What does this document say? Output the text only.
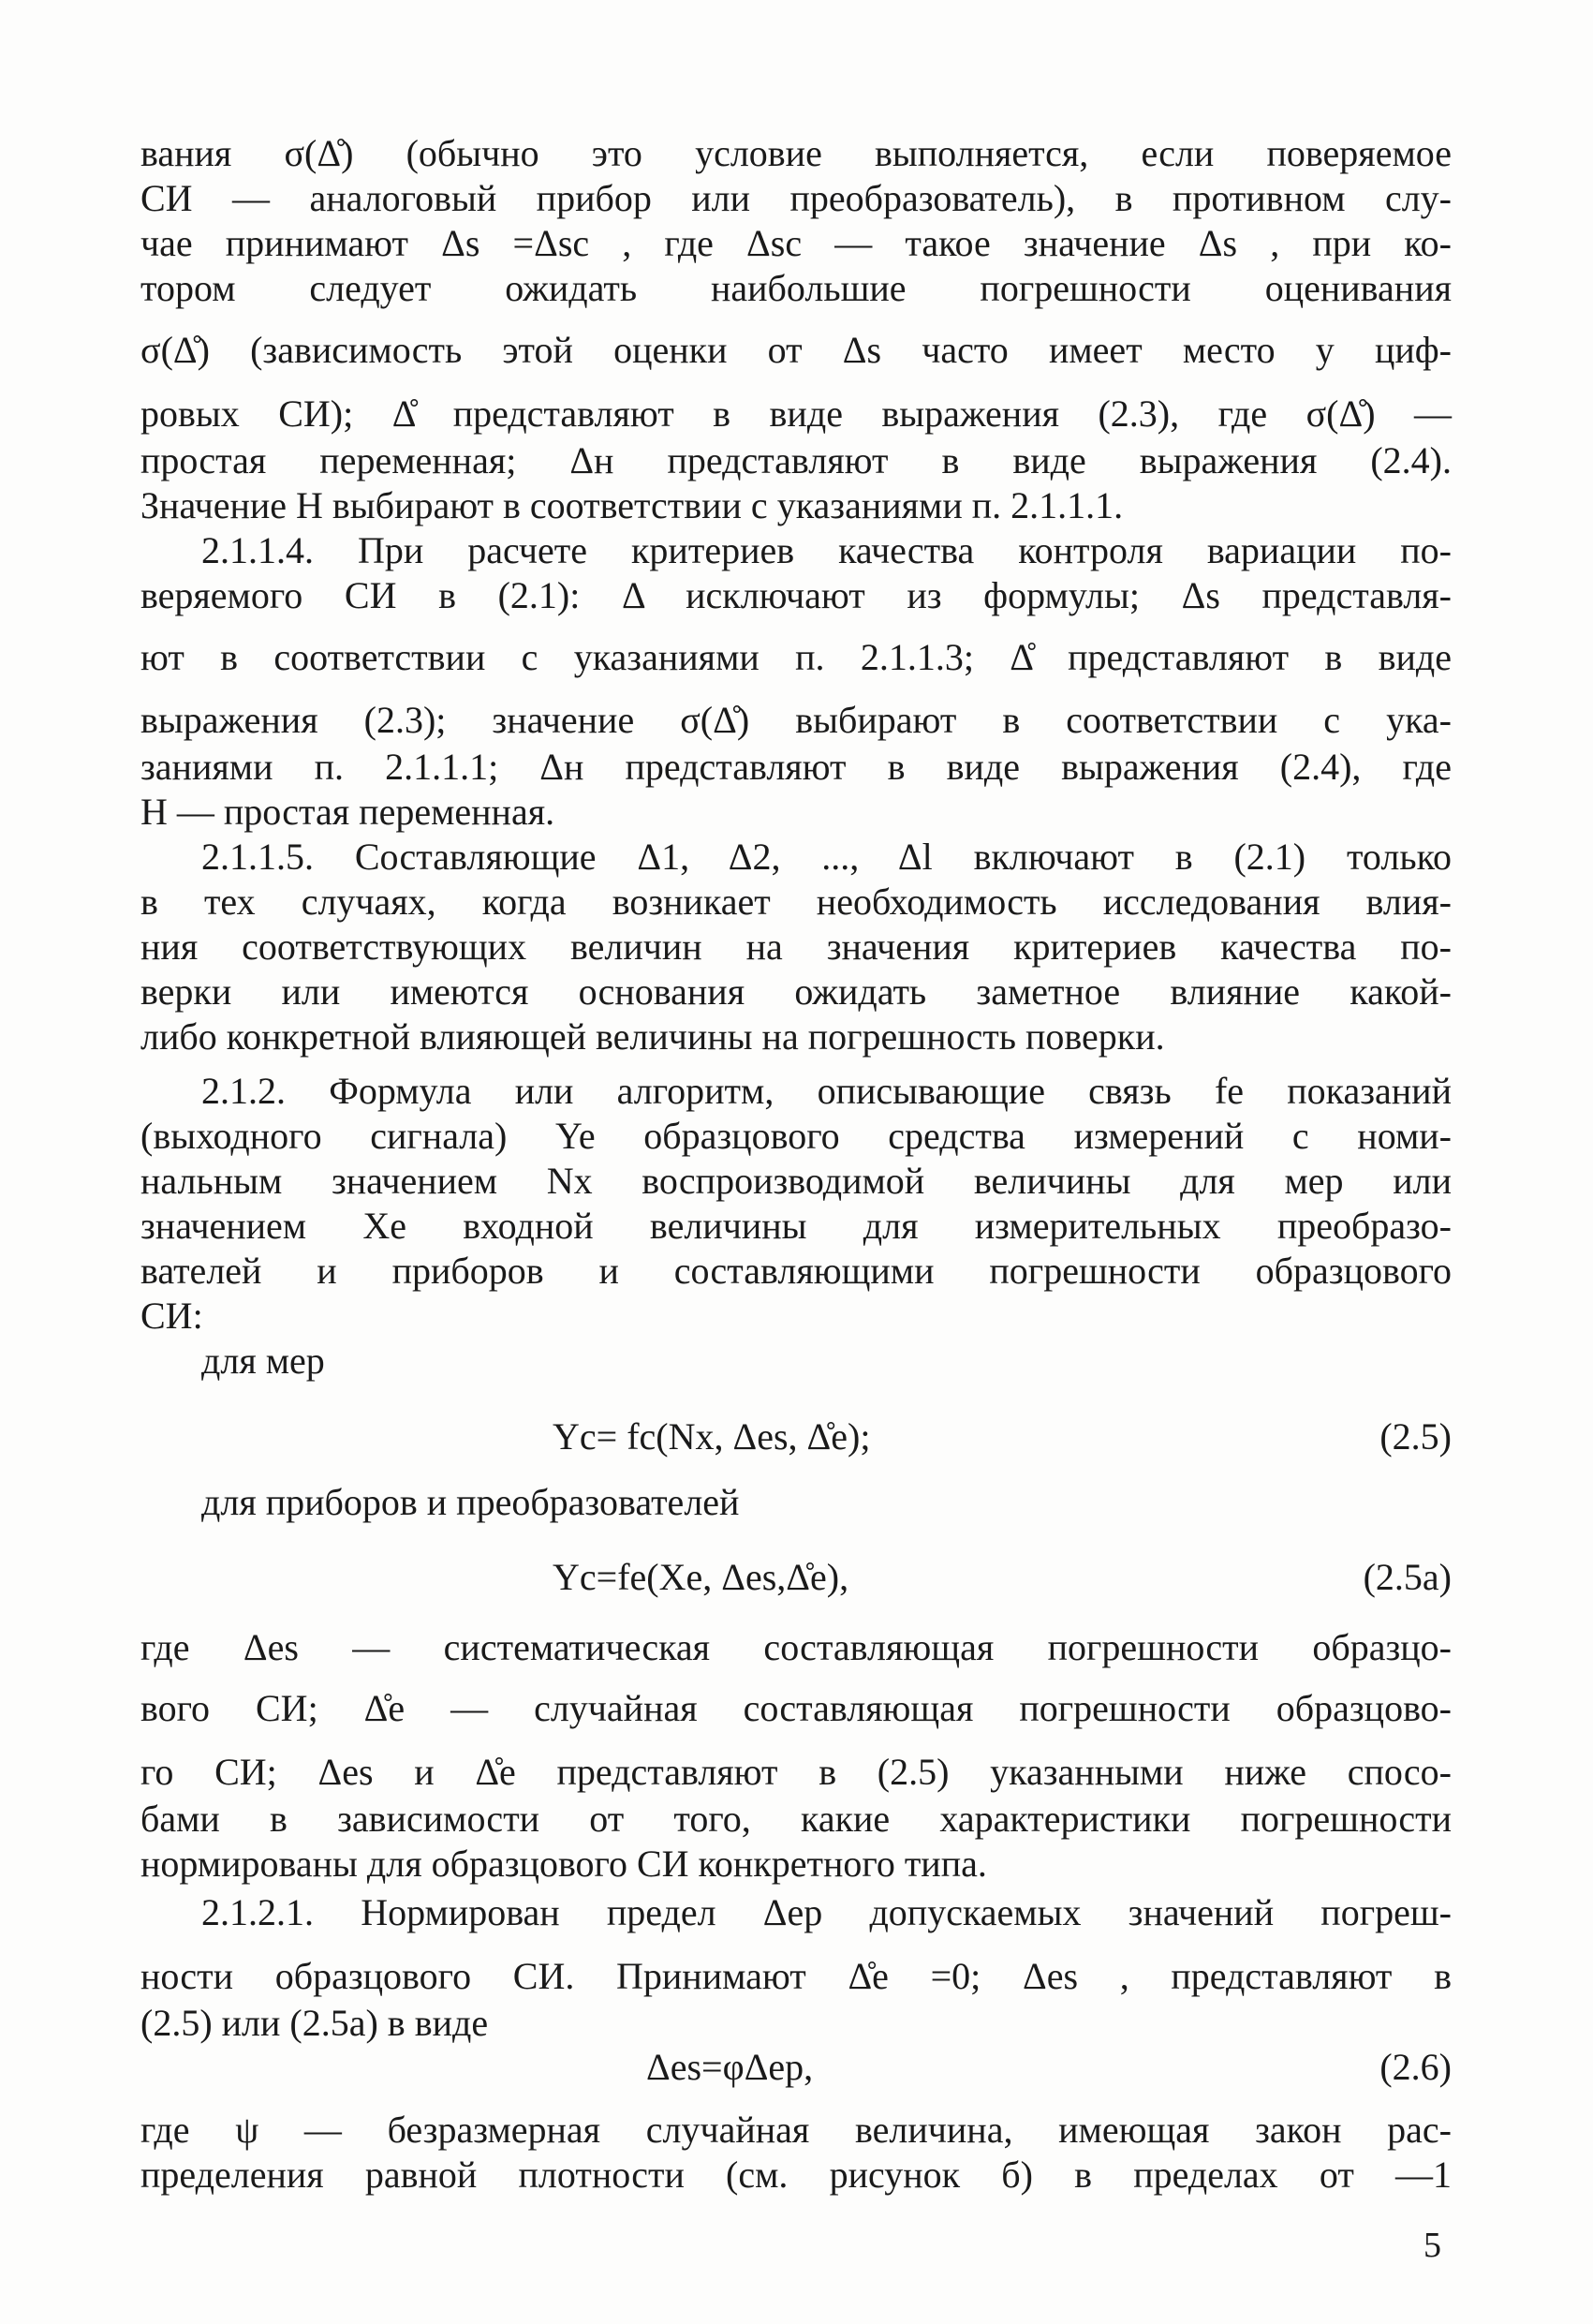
вания σ(Δ̊) (обычно это условие выполняется, если поверяемое
СИ — аналоговый прибор или преобразователь), в противном слу-
чае принимают Δs =Δsc , где Δsc — такое значение Δs , при ко-
тором следует ожидать наибольшие погрешности оценивания
σ(Δ̊) (зависимость этой оценки от Δs часто имеет место у циф-
ровых СИ); Δ̊ представляют в виде выражения (2.3), где σ(Δ̊) —
простая переменная; Δн представляют в виде выражения (2.4).
Значение H выбирают в соответствии с указаниями п. 2.1.1.1.
2.1.1.4. При расчете критериев качества контроля вариации по-
веряемого СИ в (2.1): Δ исключают из формулы; Δs представля-
ют в соответствии с указаниями п. 2.1.1.3; Δ̊ представляют в виде
выражения (2.3); значение σ(Δ̊) выбирают в соответствии с ука-
заниями п. 2.1.1.1; Δн представляют в виде выражения (2.4), где
H — простая переменная.
2.1.1.5. Составляющие Δ1, Δ2, ..., Δl включают в (2.1) только
в тех случаях, когда возникает необходимость исследования влия-
ния соответствующих величин на значения критериев качества по-
верки или имеются основания ожидать заметное влияние какой-
либо конкретной влияющей величины на погрешность поверки.
2.1.2. Формула или алгоритм, описывающие связь fe показаний
(выходного сигнала) Ye образцового средства измерений с номи-
нальным значением Nx воспроизводимой величины для мер или
значением Xe входной величины для измерительных преобразо-
вателей и приборов и составляющими погрешности образцового
СИ:
для мер
Yc= fc(Nx, Δes, Δ̊e);	(2.5)
для приборов и преобразователей
Yc=fe(Xe, Δes,Δ̊e),	(2.5a)
где Δes — систематическая составляющая погрешности образцо-
вого СИ; Δ̊e — случайная составляющая погрешности образцово-
го СИ; Δes и Δ̊e представляют в (2.5) указанными ниже спосо-
бами в зависимости от того, какие характеристики погрешности
нормированы для образцового СИ конкретного типа.
2.1.2.1. Нормирован предел Δep допускаемых значений погреш-
ности образцового СИ. Принимают Δ̊e =0; Δes , представляют в
(2.5) или (2.5a) в виде
Δes=φΔep,	(2.6)
где ψ — безразмерная случайная величина, имеющая закон рас-
пределения равной плотности (см. рисунок б) в пределах от —1
5
